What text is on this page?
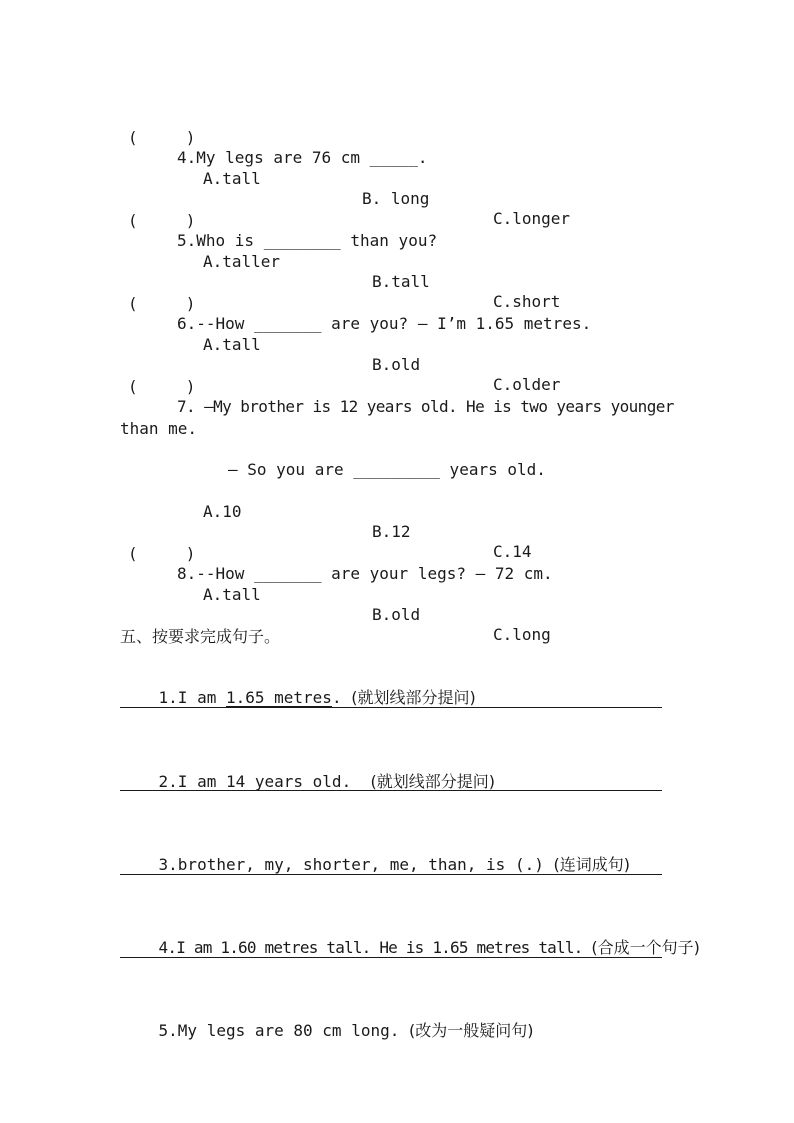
(     )

4.My legs are 76 cm _____.

A.tall

B. long

C.longer

(     )

5.Who is ________ than you?

A.taller

B.tall

C.short

(     )

6.--How _______ are you? – I’m 1.65 metres.

A.tall

B.old

C.older

(     )

7. –My brother is 12 years old. He is two years younger

than me.

– So you are _________ years old.

A.10

B.12

C.14

(     )

8.--How _______ are your legs? – 72 cm.

A.tall

B.old

C.long

五、按要求完成句子。

1.I am 1.65 metres. (就划线部分提问)

2.I am 14 years old.  (就划线部分提问)

3.brother, my, shorter, me, than, is (.) (连词成句)

4.I am 1.60 metres tall. He is 1.65 metres tall. (合成一个句子)

5.My legs are 80 cm long. (改为一般疑问句)
